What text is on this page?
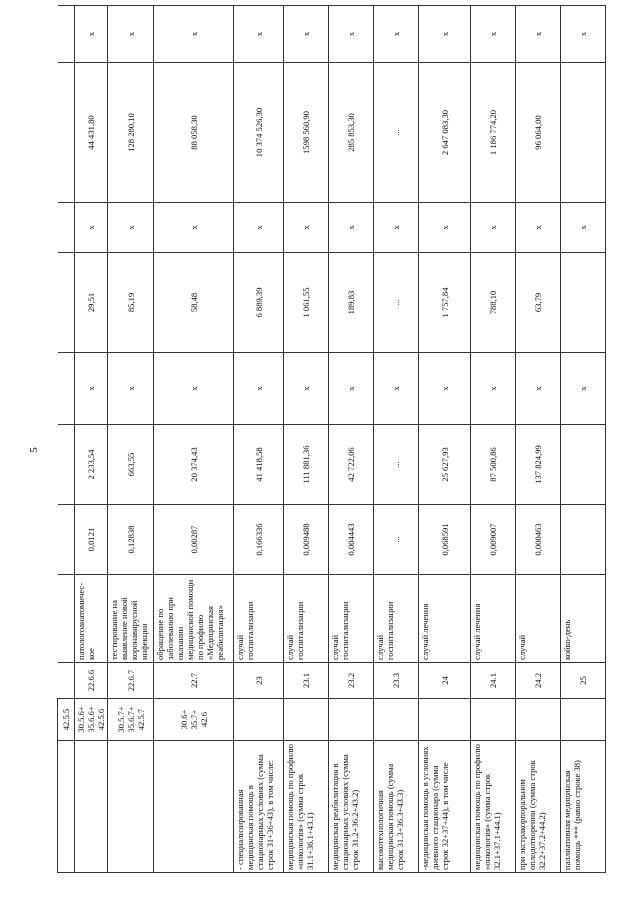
5
	42.5.5									
	30.5.6+ 35.6.6+ 42.5.6	22.6.6	патологоанатомичес-кое	0,0121	2 233,54	х	29,51	х	44 431,80	х
	30.5.7+ 35.6.7+ 42.5.7	22.6.7	тестирование на выявление новой коронавирусной инфекции	0,12838	663,55	х	85,19	х	128 280,10	х
	30.6+ 35.7+ 42.6	22.7	обращение по заболеванию при оказании медицинской помощи по профилю «Медицинская реабилитация»	0,00287	20 374,43	х	58,48	х	88 058,30	х
- специализированная медицинская помощь в стационарных условиях (сумма строк 31+36+43), в том числе:		23	случай госпитализации	0,166336	41 418,58	х	6 889,39	х	10 374 526,30	х
медицинская помощь по профилю «онкология» (сумма строк 31.1+36.1+43.1)		23.1	случай госпитализации	0,009488	111 881,36	х	1 061,55	х	1598 560,90	х
медицинская реабилитация в стационарных условиях (сумма строк 31.2+36.2+43.2)		23.2	случай госпитализации	0,004443	42 722,06	х	189,83	х	285 853,30	х
высокотехнологичная медицинская помощь (сумма строк 31.3+36.3+43.3)		23.3	случай госпитализации	...	...	х	...	х	...	х
-медицинская помощь в условиях дневного стационара (сумма строк 32+37+44), в том числе		24	случай лечения	0,068591	25 627,93	х	1 757,84	х	2 647 083,30	х
медицинская помощь по профилю «онкология» (сумма строк 32.1+37.1+44.1)		24.1	случай лечения	0,009007	87 500,86	х	788,10	х	1 186 774,20	х
при экстракорпоральном оплодотворении (сумма строк 32.2+37.2+44.2)		24.2	случай	0,000463	137 824,99	х	63,79	х	96 064,00	х
паллиативная медицинская помощь *** (равно строке 38)		25	койко-день			х		х		х
